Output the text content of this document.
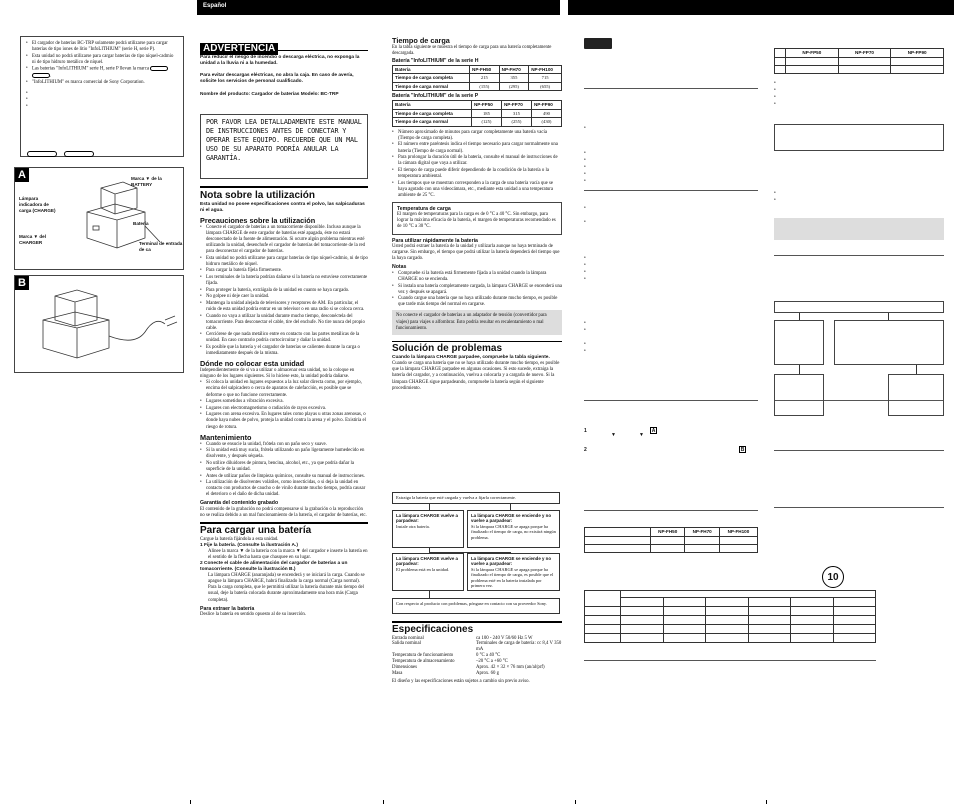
Español
• El cargador de baterías BC-TRP solamente podrá utilizarse para cargar baterías de tipo iones de litio "InfoLITHIUM" (serie H, serie P).
• Esta unidad no podrá utilizarse para cargar baterías de tipo níquel-cadmio ni de tipo hidruro metálico de níquel.
• Las baterías "InfoLITHIUM" serie H, serie P llevan la marca  .
• "InfoLITHIUM" es marca comercial de Sony Corporation.
•
•
•

A	Marca ▼ de la BATTERY
Lámpara indicadora de carga (CHARGE)
Batería
Marca ▼ del CHARGER	Terminal de entrada de ca
B
ADVERTENCIA

Para reducir el riesgo de incendio o descarga eléctrica, no exponga la unidad a la lluvia ni a la humedad.

Para evitar descargas eléctricas, no abra la caja. En caso de avería, solicite los servicios de personal cualificado.

Nombre del producto: Cargador de baterías Modelo: BC-TRP

POR FAVOR LEA DETALLADAMENTE ESTE MANUAL DE INSTRUCCIONES ANTES DE CONECTAR Y OPERAR ESTE EQUIPO. RECUERDE QUE UN MAL USO DE SU APARATO PODRÍA ANULAR LA GARANTÍA.
Nota sobre la utilización
Esta unidad no posee especificaciones contra el polvo, las salpicaduras ni el agua.
Precauciones sobre la utilización
• Conecte el cargador de baterías a un tomacorriente disponible. Incluso aunque la lámpara CHARGE de este cargador de baterías esté apagada, éste no estará desconectado de la fuente de alimentación. Si ocurre algún problema mientras esté utilizando la unidad, desenchufe el cargador de baterías del tomacorriente de la red para desconectar el cargador de baterías.
• Esta unidad no podrá utilizarse para cargar baterías de tipo níquel-cadmio, ni de tipo hidruro metálico de níquel.
• Para cargar la batería fíjela firmemente.
• Los terminales de la batería podrían dañarse si la batería no estuviese correctamente fijada.
• Para proteger la batería, extráigala de la unidad en cuanto se haya cargado.
• No golpee ni deje caer la unidad.
• Mantenga la unidad alejada de televisores y receptores de AM. En particular, el ruido de esta unidad podría entrar en un televisor o en una radio si se coloca cerca.
• Cuando no vaya a utilizar la unidad durante mucho tiempo, desconéctela del tomacorriente. Para desconectar el cable, tire del enchufe. No tire nunca del propio cable.
• Cerciórese de que nada metálico entre en contacto con las partes metálicas de la unidad. En caso contrario podría cortocircuitar y dañar la unidad.
• Es posible que la batería y el cargador de baterías se calienten durante la carga o inmediatamente después de la misma.
Dónde no colocar esta unidad

Independientemente de si va a utilizar o almacenar esta unidad, no la coloque en ninguno de los lugares siguientes. Si lo hiciese esto, la unidad podría dañarse.

• Si coloca la unidad en lugares expuestos a la luz solar directa como, por ejemplo, encima del salpicadero o cerca de aparatos de calefacción, es posible que se deforme o que no funcione correctamente.
• Lugares sometidos a vibración excesiva.
• Lugares con electromagnetismo o radiación de rayos excesiva.
• Lugares con arena excesiva. En lugares tales como playas u otras zonas arenosas, o donde haya nubes de polvo, proteja la unidad contra la arena y el polvo. Existiría el riesgo de rotura.
Mantenimiento
• Cuando se ensucie la unidad, frótela con un paño seco y suave.
• Si la unidad está muy sucia, frótela utilizando un paño ligeramente humedecido en disolvente, y después séquela.
• No utilice diluidores de pintura, bencina, alcohol, etc., ya que podría dañar la superficie de la unidad.
• Antes de utilizar paños de limpieza químicos, consulte su manual de instrucciones.
• La utilización de disolventes volátiles, como insecticidas, o si deja la unidad en contacto con productos de caucho o de vinilo durante mucho tiempo, podría causar el deterioro o el daño de dicha unidad.
Garantía del contenido grabado

El contenido de la grabación no podrá compensarse si la grabación o la reproducción no se realiza debido a un mal funcionamiento de la batería, el cargador de baterías, etc.

Para cargar una batería

Cargue la batería fijándola a esta unidad.

1 Fije la batería. (Consulte la ilustración A.)

Alinee la marca ▼ de la batería con la marca ▼ del cargador e inserte la batería en el sentido de la flecha hasta que chasquee en su lugar.

2 Conecte el cable de alimentación del cargador de baterías a un tomacorriente. (Consulte la ilustración B.)

La lámpara CHARGE (anaranjada) se encenderá y se iniciará la carga. Cuando se apague la lámpara CHARGE, habrá finalizado la carga normal (Carga normal). Para la carga completa, que le permitirá utilizar la batería durante más tiempo del usual, deje la batería colocada durante aproximadamente una hora más (Carga completa).

Para extraer la batería

Deslice la batería en sentido opuesto al de su inserción.

Tiempo de carga

En la tabla siguiente se muestra el tiempo de carga para una batería completamente descargada.

Batería "InfoLITHIUM" de la serie H
Batería	NP-FH50	NP-FH70	NP-FH100
Tiempo de carga completa	215	355	715
Tiempo de carga normal	(155)	(295)	(655)
Batería "InfoLITHIUM" de la serie P
Batería	NP-FP50	NP-FP70	NP-FP90
Tiempo de carga completa	185	315	490
Tiempo de carga normal	(125)	(255)	(430)
• Número aproximado de minutos para cargar completamente una batería vacía (Tiempo de carga completa).
• El número entre paréntesis indica el tiempo necesario para cargar normalmente una batería (Tiempo de carga normal).
• Para prolongar la duración útil de la batería, consulte el manual de instrucciones de la cámara digital que vaya a utilizar.
• El tiempo de carga puede diferir dependiendo de la condición de la batería o la temperatura ambiental.
• Los tiempos que se muestran corresponden a la carga de una batería vacía que se haya agotado con una videocámara, etc., mediante esta unidad a una temperatura ambiente de 25 °C.
Temperatura de carga

El margen de temperaturas para la carga es de 0 °C a 40 °C. Sin embargo, para lograr la máxima eficacia de la batería, el margen de temperaturas recomendado es de 10 °C a 30 °C.

Para utilizar rápidamente la batería

Usted podrá extraer la batería de la unidad y utilizarla aunque no haya terminado de cargarse. Sin embargo, el tiempo que podrá utilizar la batería dependerá del tiempo que la haya cargado.

Notas
• Compruebe si la batería está firmemente fijada a la unidad cuando la lámpara CHARGE no se encienda.
• Si instala una batería completamente cargada, la lámpara CHARGE se encenderá una vez y después se apagará.
• Cuando cargue una batería que no haya utilizado durante mucho tiempo, es posible que tarde más tiempo del normal en cargarse.
No conecte el cargador de baterías a un adaptador de tensión (convertidor para viajes) para viajes o alfombrar. Esto podría resultar en recalentamiento o mal funcionamiento.
Solución de problemas

Cuando la lámpara CHARGE parpadee, compruebe la tabla siguiente.

Cuando se carga una batería que no se haya utilizado durante mucho tiempo, es posible que la lámpara CHARGE parpadee en algunas ocasiones. Si esto sucede, extraiga la batería del cargador, y a continuación, vuelva a colocarla y a cargarla de nuevo. Si la lámpara CHARGE sigue parpadeando, compruebe la batería según el siguiente procedimiento.

Extraiga la batería que esté cargada y vuelva a fijarla correctamente.
La lámpara CHARGE vuelve a parpadear:
Instale otra batería.
La lámpara CHARGE se enciende y no vuelve a parpadear:
Si la lámpara CHARGE se apaga porque ha finalizado el tiempo de carga, no existirá ningún problema.
La lámpara CHARGE vuelve a parpadear:
El problema está en la unidad.
La lámpara CHARGE se enciende y no vuelve a parpadear:
Si la lámpara CHARGE se apaga porque ha finalizado el tiempo de carga, es posible que el problema esté en la batería instalada por primera vez.
Con respecto al producto con problemas, póngase en contacto con su proveedor Sony.
Especificaciones
Entrada nominal	ca 100 - 240 V 50/60 Hz 5 W
Salida nominal	Terminales de carga de batería: cc 8,4 V 350 mA
Temperatura de funcionamiento	0 °C a 40 °C
Temperatura de almacenamiento	–20 °C a +60 °C
Dimensiones	Aprox. 42 × 32 × 76 mm (an/al/prf)
Masa	Aprox. 60 g

El diseño y las especificaciones están sujetos a cambio sin previo aviso.

•
•
•
•
•
•
•

•
•
•
•
•
•
•

•
•
	NP-FP50	NP-FP70	NP-FP90

•
•
•
•
•
•
1	A
▼	▼
2	B
	NP-FH50	NP-FH70	NP-FH100

10
